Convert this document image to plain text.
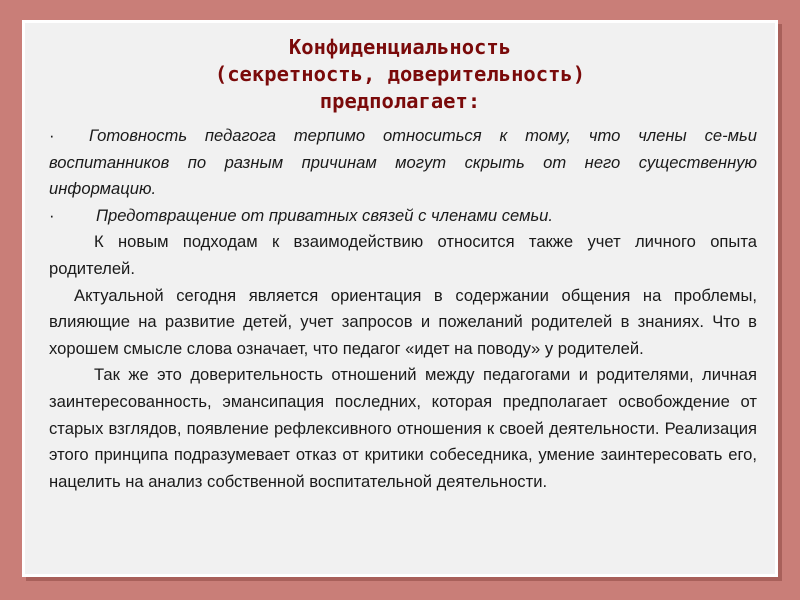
Конфиденциальность
(секретность, доверительность)
предполагает:

· Готовность педагога терпимо относиться к тому, что члены се-мьи воспитанников по разным причинам могут скрыть от него существенную информацию.

· Предотвращение от приватных связей с членами семьи.

К новым подходам к взаимодействию относится также учет личного опыта родителей.

Актуальной сегодня является ориентация в содержании общения на проблемы, влияющие на развитие детей, учет запросов и пожеланий родителей в знаниях. Что в хорошем смысле слова означает, что педагог «идет на поводу» у родителей.

Так же это доверительность отношений между педагогами и родителями, личная заинтересованность, эмансипация последних, которая предполагает освобождение от старых взглядов, появление рефлексивного отношения к своей деятельности. Реализация этого принципа подразумевает отказ от критики собеседника, умение заинтересовать его, нацелить на анализ собственной воспитательной деятельности.
